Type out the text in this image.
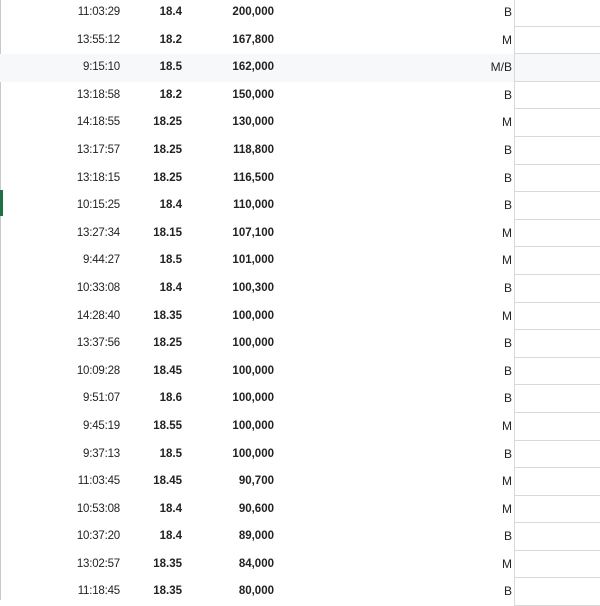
11:03:29	18.4	200,000	B
13:55:12	18.2	167,800	M
9:15:10	18.5	162,000	M/B
13:18:58	18.2	150,000	B
14:18:55	18.25	130,000	M
13:17:57	18.25	118,800	B
13:18:15	18.25	116,500	B
10:15:25	18.4	110,000	B
13:27:34	18.15	107,100	M
9:44:27	18.5	101,000	M
10:33:08	18.4	100,300	B
14:28:40	18.35	100,000	M
13:37:56	18.25	100,000	B
10:09:28	18.45	100,000	B
9:51:07	18.6	100,000	B
9:45:19	18.55	100,000	M
9:37:13	18.5	100,000	B
11:03:45	18.45	90,700	M
10:53:08	18.4	90,600	M
10:37:20	18.4	89,000	B
13:02:57	18.35	84,000	M
11:18:45	18.35	80,000	B
